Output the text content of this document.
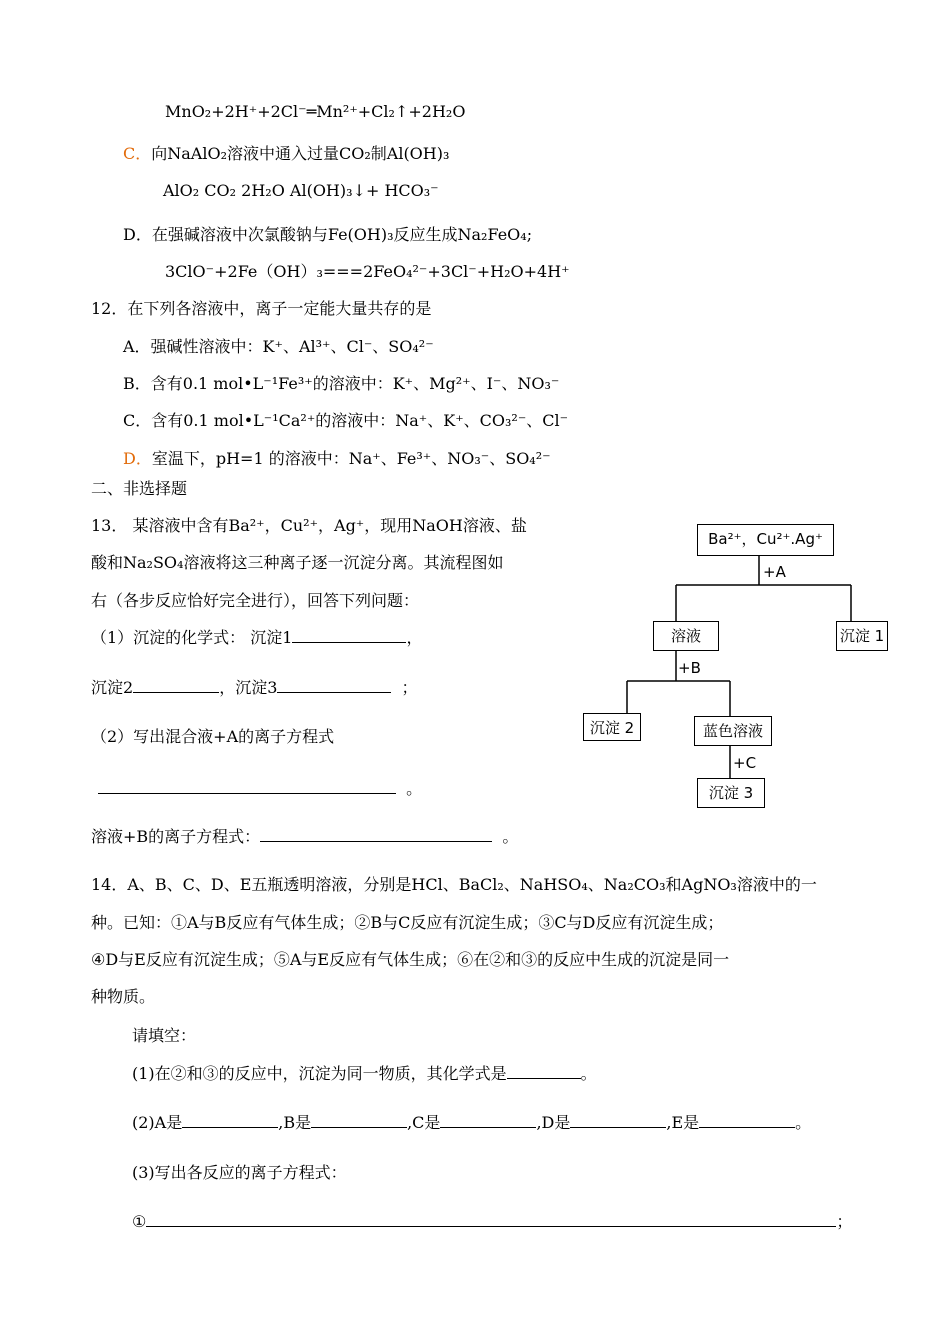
MnO₂+2H⁺+2Cl⁻═Mn²⁺+Cl₂↑+2H₂O
C．向NaAlO₂溶液中通入过量CO₂制Al(OH)₃
AlO₂ CO₂ 2H₂O Al(OH)₃↓+ HCO₃⁻
D．在强碱溶液中次氯酸钠与Fe(OH)₃反应生成Na₂FeO₄;
3ClO⁻+2Fe（OH）₃===2FeO₄²⁻+3Cl⁻+H₂O+4H⁺
12．在下列各溶液中，离子一定能大量共存的是
A．强碱性溶液中：K⁺、Al³⁺、Cl⁻、SO₄²⁻
B．含有0.1 mol•L⁻¹Fe³⁺的溶液中：K⁺、Mg²⁺、I⁻、NO₃⁻
C．含有0.1 mol•L⁻¹Ca²⁺的溶液中：Na⁺、K⁺、CO₃²⁻、Cl⁻
D．室温下，pH=1 的溶液中：Na⁺、Fe³⁺、NO₃⁻、SO₄²⁻
二、非选择题
13． 某溶液中含有Ba²⁺，Cu²⁺，Ag⁺，现用NaOH溶液、盐
酸和Na₂SO₄溶液将这三种离子逐一沉淀分离。其流程图如
右（各步反应恰好完全进行），回答下列问题：
（1）沉淀的化学式： 沉淀1	，
沉淀2	，沉淀3	；
（2）写出混合液+A的离子方程式
。
溶液+B的离子方程式：	。
Ba²⁺，Cu²⁺.Ag⁺
+A
溶液	沉淀 1
+B
沉淀 2	蓝色溶液
+C
沉淀 3
14．A、B、C、D、E五瓶透明溶液，分别是HCl、BaCl₂、NaHSO₄、Na₂CO₃和AgNO₃溶液中的一
种。已知：①A与B反应有气体生成；②B与C反应有沉淀生成；③C与D反应有沉淀生成；
④D与E反应有沉淀生成；⑤A与E反应有气体生成；⑥在②和③的反应中生成的沉淀是同一
种物质。
请填空：
(1)在②和③的反应中，沉淀为同一物质，其化学式是	。
(2)A是	,B是	,C是	,D是	,E是	。
(3)写出各反应的离子方程式：
①	；
